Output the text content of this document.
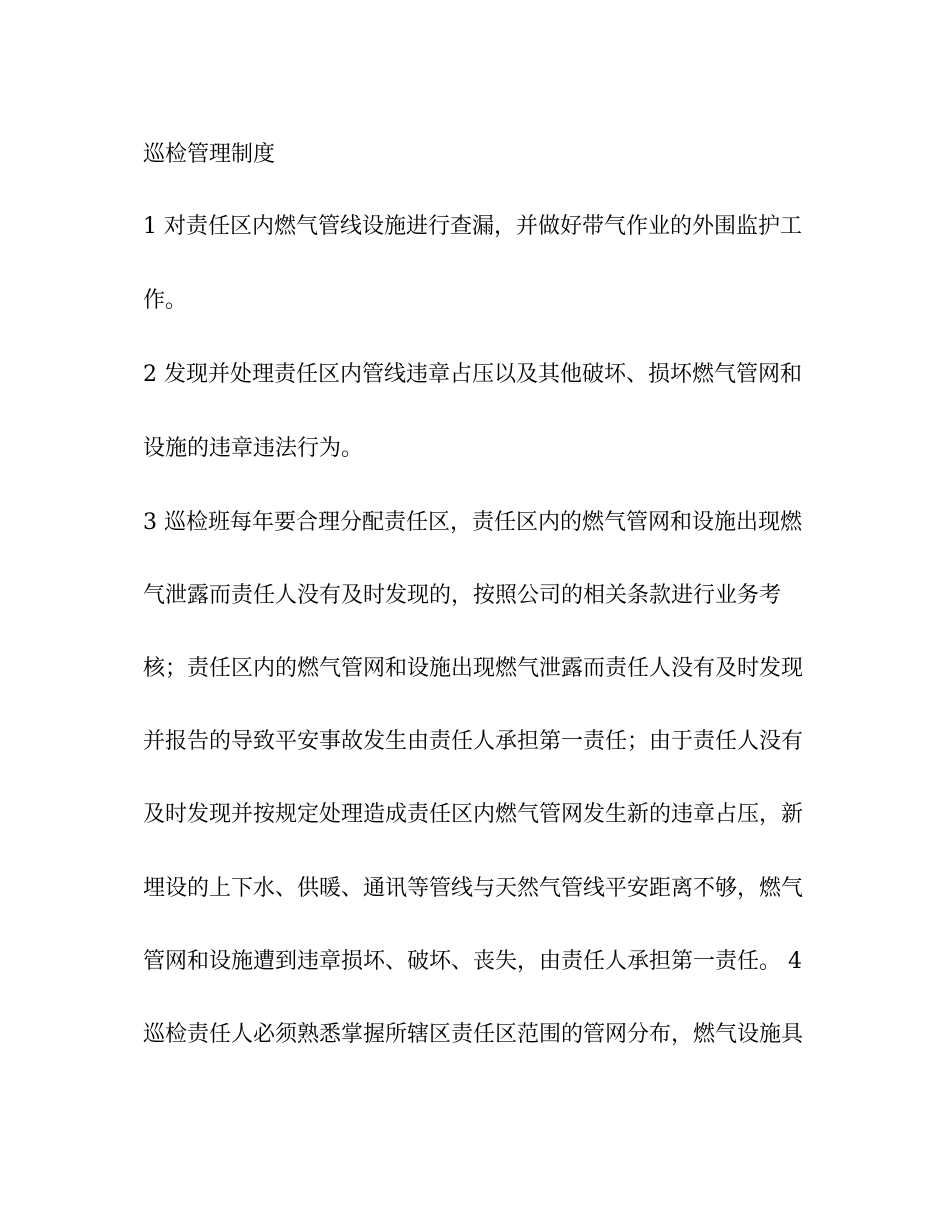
巡检管理制度

1 对责任区内燃气管线设施进行查漏，并做好带气作业的外围监护工

作。

2 发现并处理责任区内管线违章占压以及其他破坏、损坏燃气管网和

设施的违章违法行为。

3 巡检班每年要合理分配责任区，责任区内的燃气管网和设施出现燃

气泄露而责任人没有及时发现的，按照公司的相关条款进行业务考

核；责任区内的燃气管网和设施出现燃气泄露而责任人没有及时发现

并报告的导致平安事故发生由责任人承担第一责任；由于责任人没有

及时发现并按规定处理造成责任区内燃气管网发生新的违章占压，新

埋设的上下水、供暖、通讯等管线与天然气管线平安距离不够，燃气

管网和设施遭到违章损坏、破坏、丧失，由责任人承担第一责任。 4

巡检责任人必须熟悉掌握所辖区责任区范围的管网分布，燃气设施具
